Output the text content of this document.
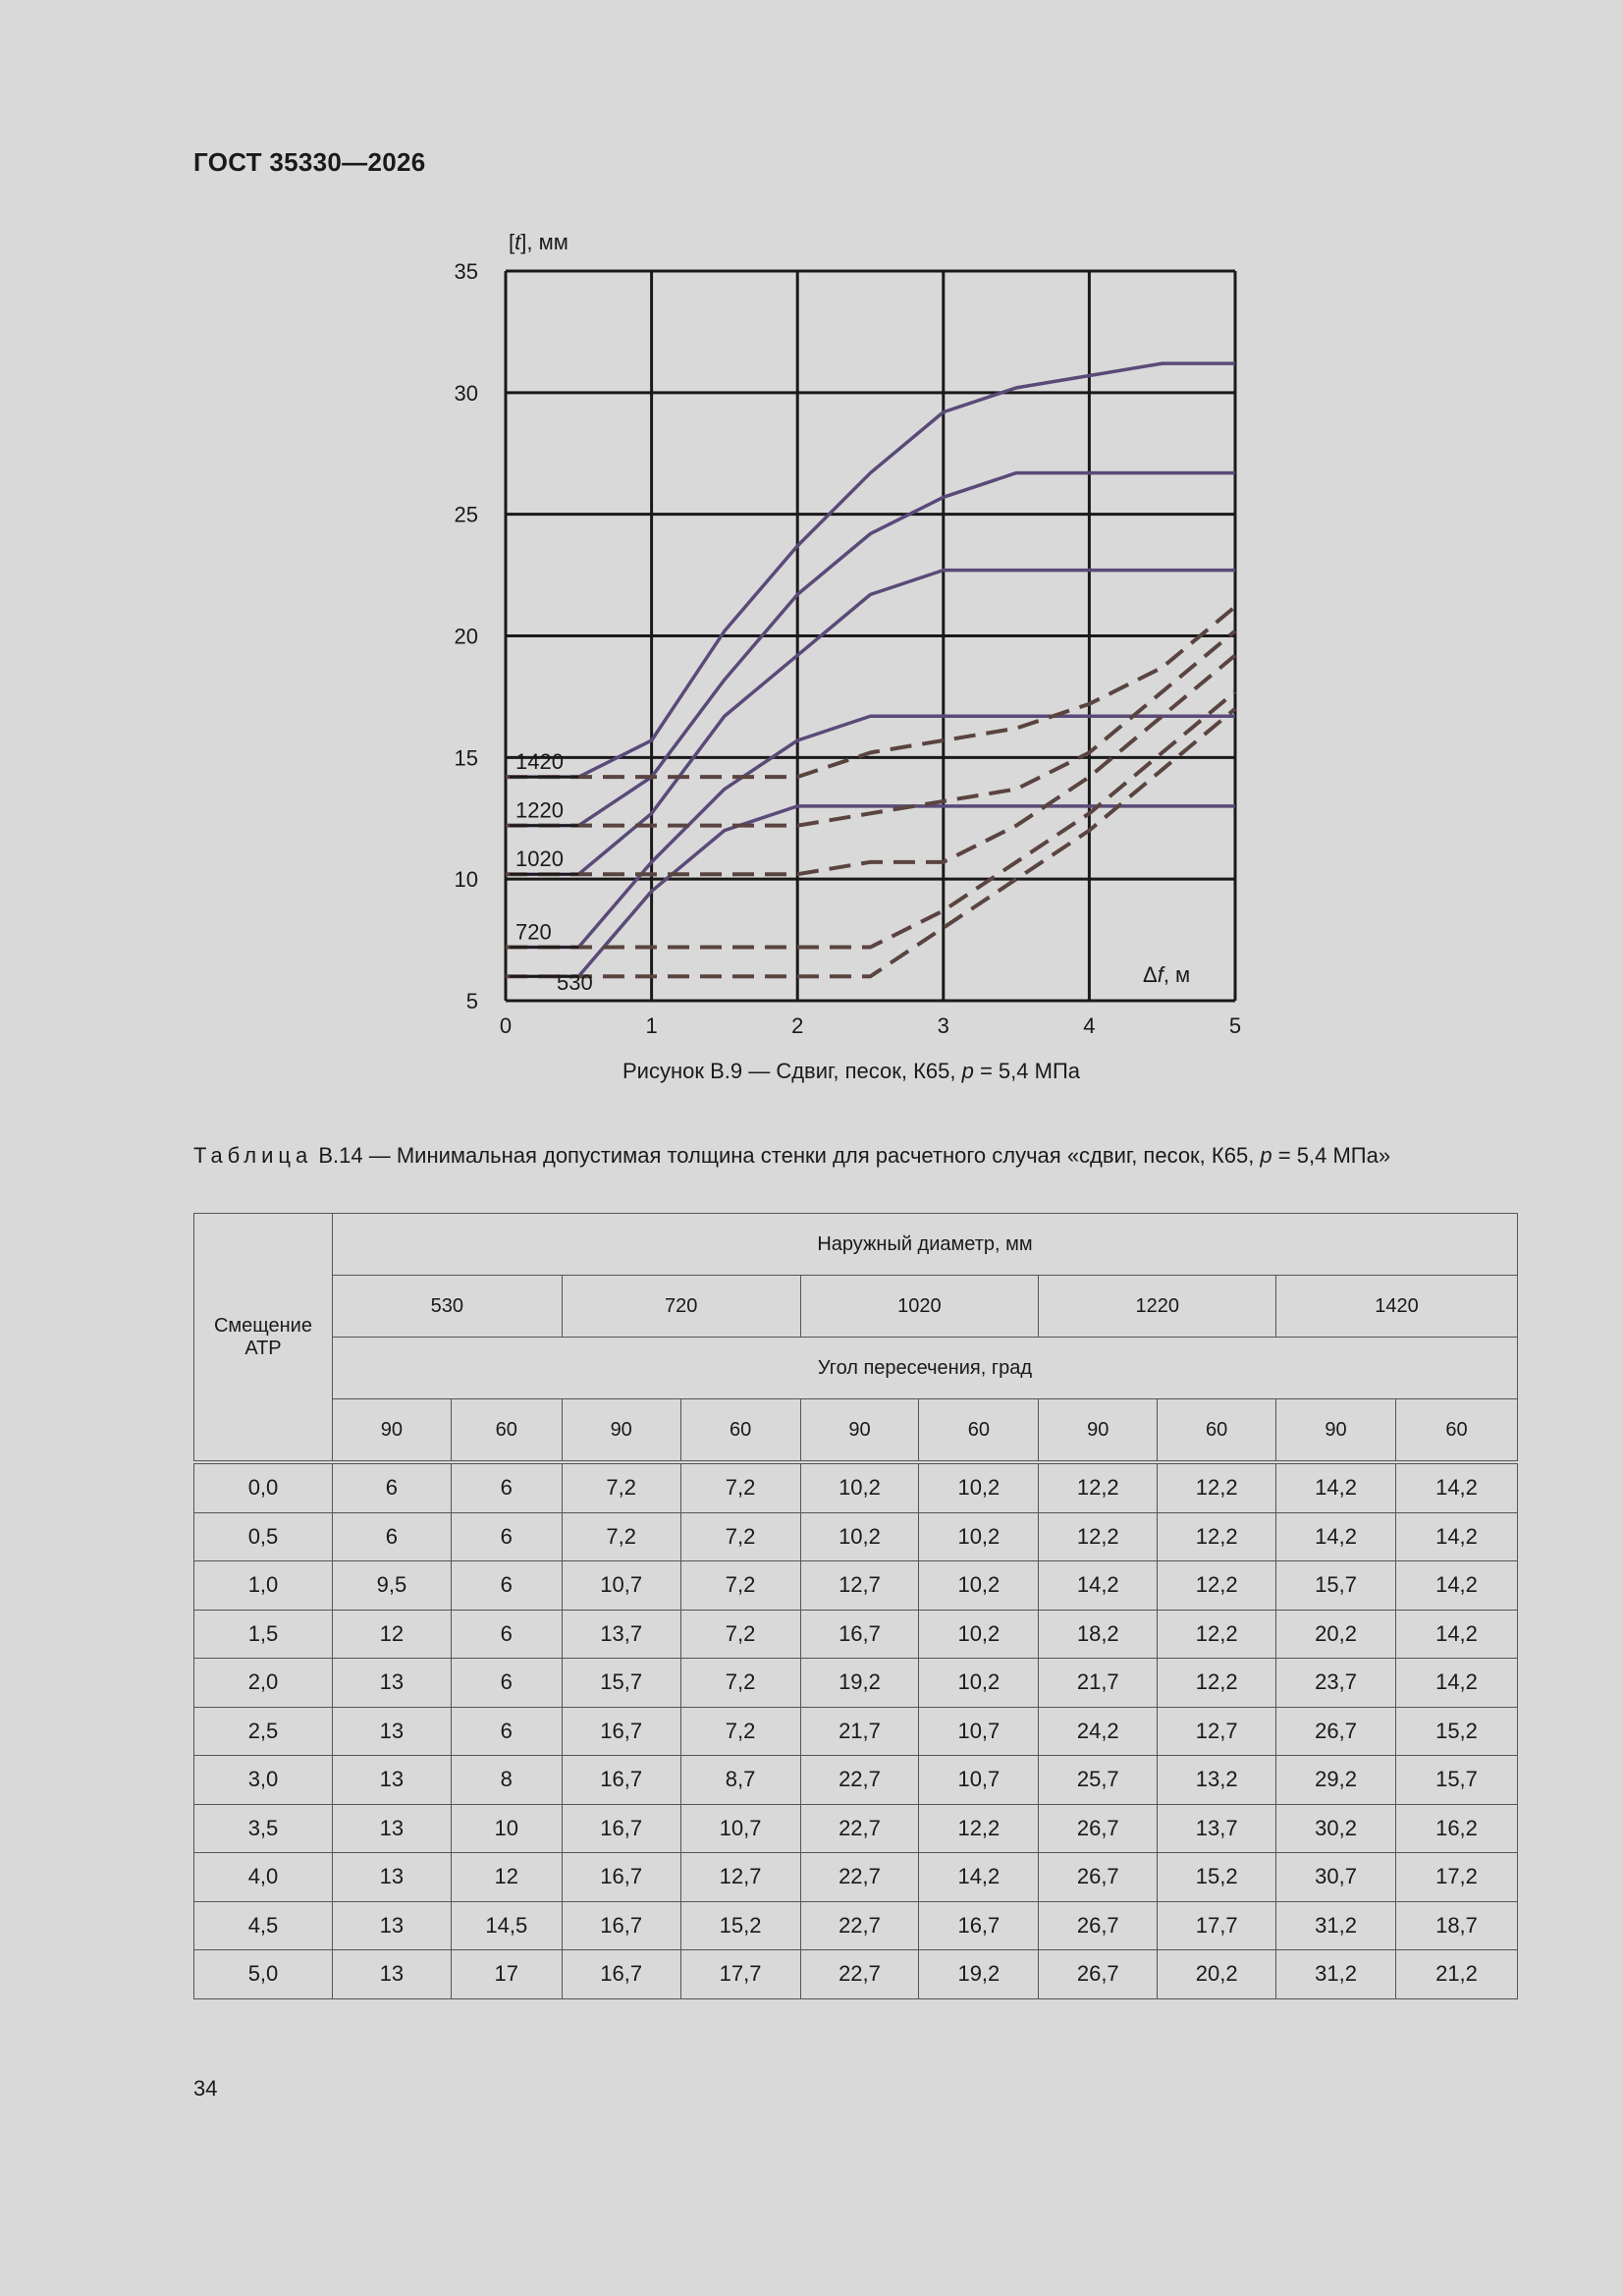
ГОСТ 35330—2026
0	1	2	3	4	5
5
10
15
20
25
30
35
1420
1220
1020
720
530
[t], мм
Δf, м
Рисунок В.9 — Сдвиг, песок, К65, p = 5,4 МПа
Таблица В.14 — Минимальная допустимая толщина стенки для расчетного случая «сдвиг, песок, К65, p = 5,4 МПа»
Смещение АТР	Наружный диаметр, мм									
	530		720		1020		1220		1420	
	Угол пересечения, град									
	90	60	90	60	90	60	90	60	90	60
0,0	6	6	7,2	7,2	10,2	10,2	12,2	12,2	14,2	14,2
0,5	6	6	7,2	7,2	10,2	10,2	12,2	12,2	14,2	14,2
1,0	9,5	6	10,7	7,2	12,7	10,2	14,2	12,2	15,7	14,2
1,5	12	6	13,7	7,2	16,7	10,2	18,2	12,2	20,2	14,2
2,0	13	6	15,7	7,2	19,2	10,2	21,7	12,2	23,7	14,2
2,5	13	6	16,7	7,2	21,7	10,7	24,2	12,7	26,7	15,2
3,0	13	8	16,7	8,7	22,7	10,7	25,7	13,2	29,2	15,7
3,5	13	10	16,7	10,7	22,7	12,2	26,7	13,7	30,2	16,2
4,0	13	12	16,7	12,7	22,7	14,2	26,7	15,2	30,7	17,2
4,5	13	14,5	16,7	15,2	22,7	16,7	26,7	17,7	31,2	18,7
5,0	13	17	16,7	17,7	22,7	19,2	26,7	20,2	31,2	21,2
34
